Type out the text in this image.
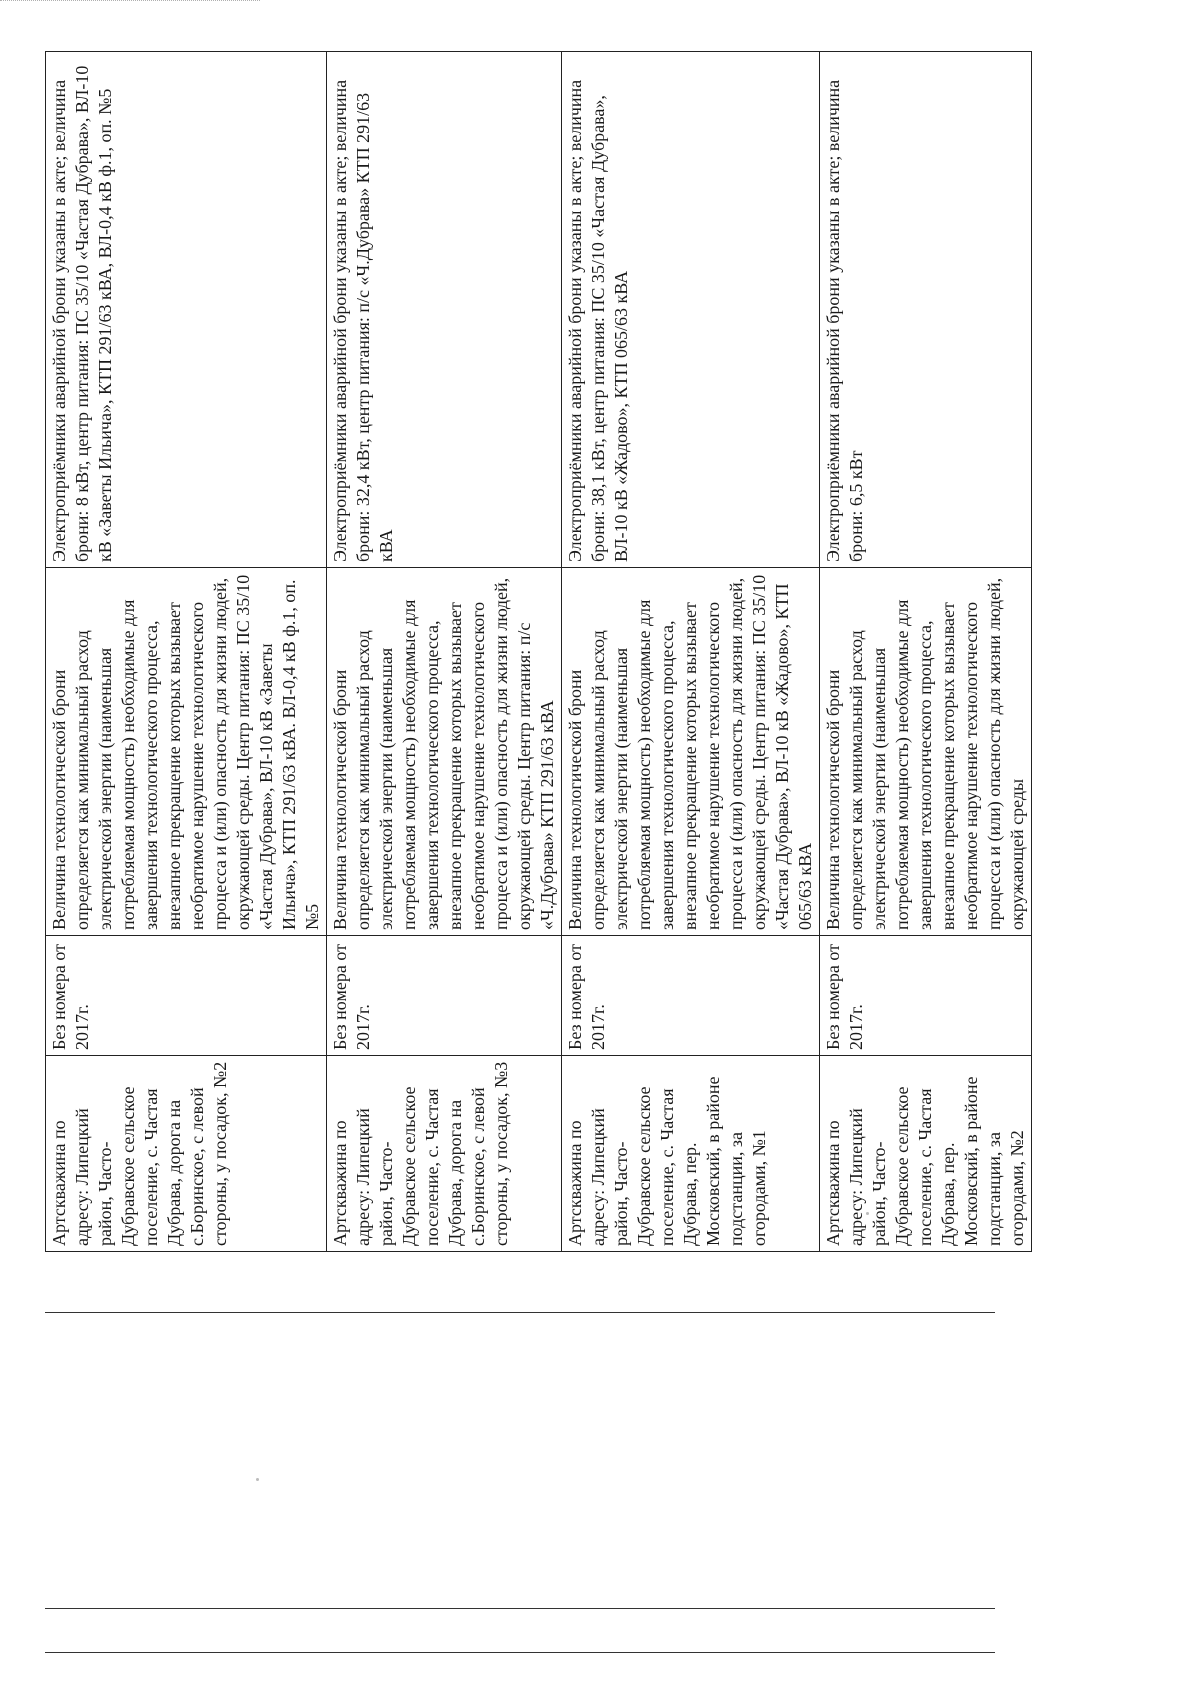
Артскважина по адресу: Липецкий район, Часто-Дубравское сельское поселение, с. Частая Дубрава, дорога на с.Боринское, с левой стороны, у посадок, №2	Без номера от 2017г.	Величина технологической брони определяется как минимальный расход электрической энергии (наименьшая потребляемая мощность) необходимые для завершения технологического процесса, внезапное прекращение которых вызывает необратимое нарушение технологического процесса и (или) опасность для жизни людей, окружающей среды. Центр питания: ПС 35/10 «Частая Дубрава», ВЛ-10 кВ «Заветы Ильича», КТП 291/63 кВА. ВЛ-0,4 кВ ф.1, оп. №5	Электроприёмники аварийной брони указаны в акте; величина брони: 8 кВт, центр питания: ПС 35/10 «Частая Дубрава», ВЛ-10 кВ «Заветы Ильича», КТП 291/63 кВА, ВЛ-0,4 кВ ф.1, оп. №5
Артскважина по адресу: Липецкий район, Часто-Дубравское сельское поселение, с. Частая Дубрава, дорога на с.Боринское, с левой стороны, у посадок, №3	Без номера от 2017г.	Величина технологической брони определяется как минимальный расход электрической энергии (наименьшая потребляемая мощность) необходимые для завершения технологического процесса, внезапное прекращение которых вызывает необратимое нарушение технологического процесса и (или) опасность для жизни людей, окружающей среды. Центр питания: п/с «Ч.Дубрава» КТП 291/63 кВА	Электроприёмники аварийной брони указаны в акте; величина брони: 32,4 кВт, центр питания: п/с «Ч.Дубрава» КТП 291/63 кВА
Артскважина по адресу: Липецкий район, Часто-Дубравское сельское поселение, с. Частая Дубрава, пер. Московский, в районе подстанции, за огородами, №1	Без номера от 2017г.	Величина технологической брони определяется как минимальный расход электрической энергии (наименьшая потребляемая мощность) необходимые для завершения технологического процесса, внезапное прекращение которых вызывает необратимое нарушение технологического процесса и (или) опасность для жизни людей, окружающей среды. Центр питания: ПС 35/10 «Частая Дубрава», ВЛ-10 кВ «Жадово», КТП 065/63 кВА	Электроприёмники аварийной брони указаны в акте; величина брони: 38,1 кВт, центр питания: ПС 35/10 «Частая Дубрава», ВЛ-10 кВ «Жадово», КТП 065/63 кВА
Артскважина по адресу: Липецкий район, Часто-Дубравское сельское поселение, с. Частая Дубрава, пер. Московский, в районе подстанции, за огородами, №2	Без номера от 2017г.	Величина технологической брони определяется как минимальный расход электрической энергии (наименьшая потребляемая мощность) необходимые для завершения технологического процесса, внезапное прекращение которых вызывает необратимое нарушение технологического процесса и (или) опасность для жизни людей, окружающей среды	Электроприёмники аварийной брони указаны в акте; величина брони: 6,5 кВт
